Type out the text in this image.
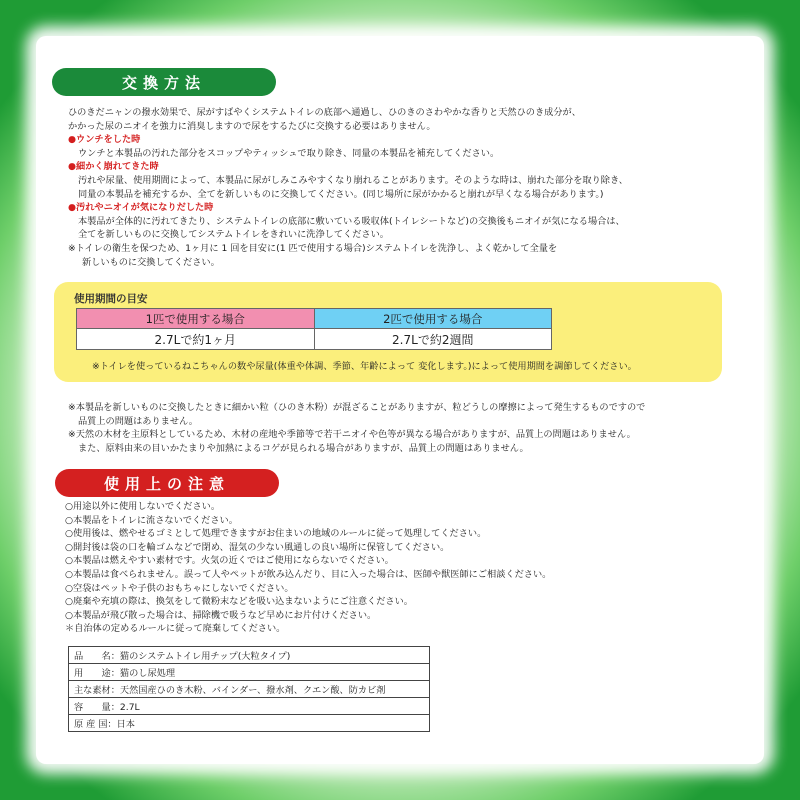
交換方法
ひのきだニャンの撥水効果で、尿がすばやくシステムトイレの底部へ通過し、ひのきのさわやかな香りと天然ひのき成分が、
かかった尿のニオイを強力に消臭しますので尿をするたびに交換する必要はありません。
●ウンチをした時
ウンチと本製品の汚れた部分をスコップやティッシュで取り除き、同量の本製品を補充してください。
●細かく崩れてきた時
汚れや尿量、使用期間によって、本製品に尿がしみこみやすくなり崩れることがあります。そのような時は、崩れた部分を取り除き、
同量の本製品を補充するか、全てを新しいものに交換してください。(同じ場所に尿がかかると崩れが早くなる場合があります。)
●汚れやニオイが気になりだした時
本製品が全体的に汚れてきたり、システムトイレの底部に敷いている吸収体(トイレシートなど)の交換後もニオイが気になる場合は、
全てを新しいものに交換してシステムトイレをきれいに洗浄してください。
※トイレの衛生を保つため、1ヶ月に 1 回を目安に(1 匹で使用する場合)システムトイレを洗浄し、よく乾かして全量を
新しいものに交換してください。
使用期間の目安
1匹で使用する場合	2匹で使用する場合
2.7Lで約1ヶ月	2.7Lで約2週間
※トイレを使っているねこちゃんの数や尿量(体重や体調、季節、年齢によって 変化します。)によって使用期間を調節してください。
※本製品を新しいものに交換したときに細かい粒（ひのき木粉）が混ざることがありますが、粒どうしの摩擦によって発生するものですので
品質上の問題はありません。
※天然の木材を主原料としているため、木材の産地や季節等で若干ニオイや色等が異なる場合がありますが、品質上の問題はありません。
また、原料由来の目いかたまりや加熱によるコゲが見られる場合がありますが、品質上の問題はありません。
使用上の注意
○用途以外に使用しないでください。
○本製品をトイレに流さないでください。
○使用後は、燃やせるゴミとして処理できますがお住まいの地域のルールに従って処理してください。
○開封後は袋の口を輪ゴムなどで閉め、湿気の少ない風通しの良い場所に保管してください。
○本製品は燃えやすい素材です。火気の近くではご使用にならないでください。
○本製品は食べられません。誤って人やペットが飲み込んだり、目に入った場合は、医師や獣医師にご相談ください。
○空袋はペットや子供のおもちゃにしないでください。
○廃棄や充填の際は、換気をして微粉末などを吸い込まないようにご注意ください。
○本製品が飛び散った場合は、掃除機で吸うなど早めにお片付けください。
＊自治体の定めるルールに従って廃棄してください。
品　　名：猫のシステムトイレ用チップ(大粒タイプ)
用　　途：猫のし尿処理
主な素材：天然国産ひのき木粉、バインダー、撥水剤、クエン酸、防カビ剤
容　　量：2.7L
原 産 国：日本
